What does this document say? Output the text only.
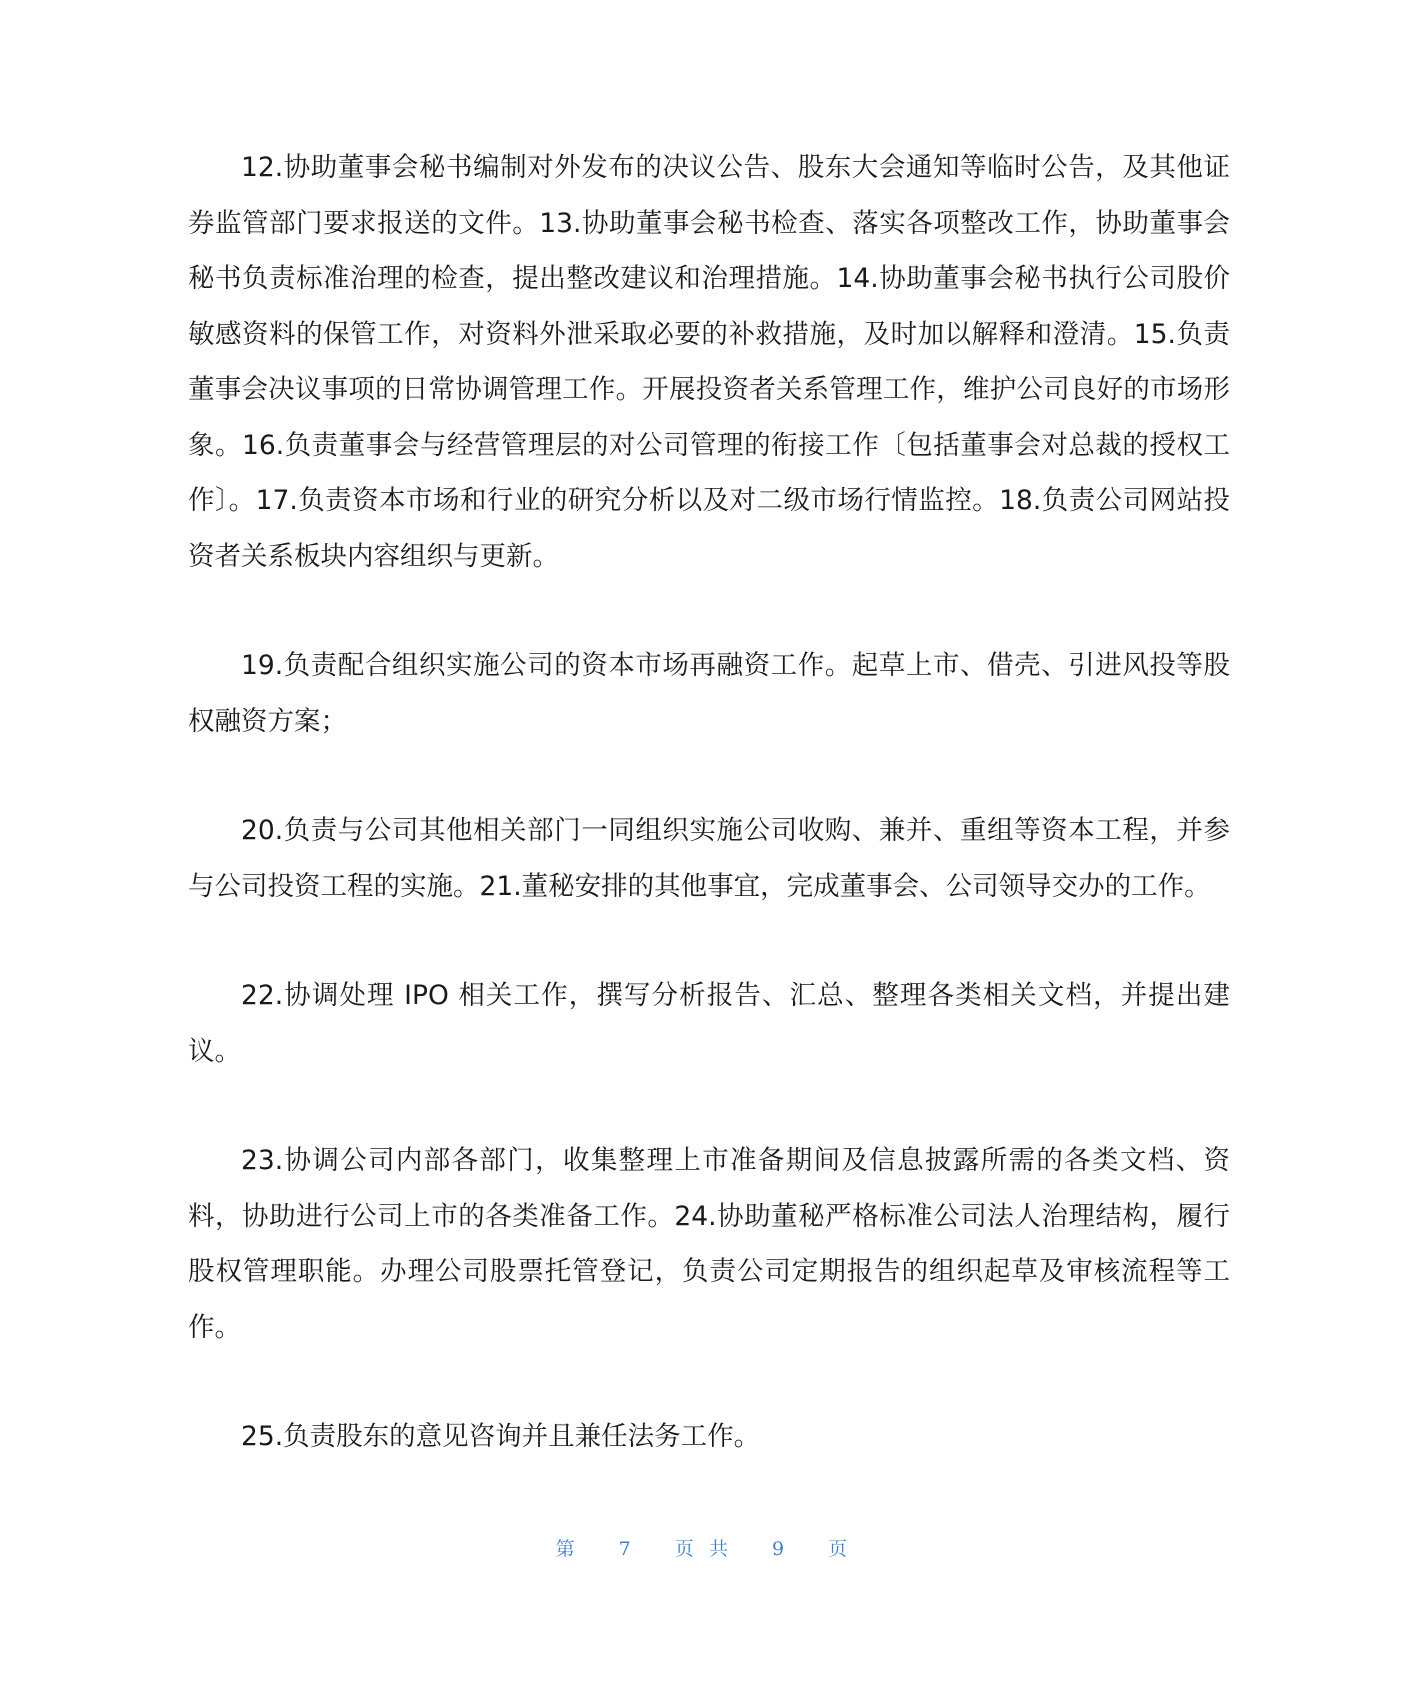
12.协助董事会秘书编制对外发布的决议公告、股东大会通知等临时公告，及其他证券监管部门要求报送的文件。13.协助董事会秘书检查、落实各项整改工作，协助董事会秘书负责标准治理的检查，提出整改建议和治理措施。14.协助董事会秘书执行公司股价敏感资料的保管工作，对资料外泄采取必要的补救措施，及时加以解释和澄清。15.负责董事会决议事项的日常协调管理工作。开展投资者关系管理工作，维护公司良好的市场形象。16.负责董事会与经营管理层的对公司管理的衔接工作〔包括董事会对总裁的授权工作〕。17.负责资本市场和行业的研究分析以及对二级市场行情监控。18.负责公司网站投资者关系板块内容组织与更新。

19.负责配合组织实施公司的资本市场再融资工作。起草上市、借壳、引进风投等股权融资方案；

20.负责与公司其他相关部门一同组织实施公司收购、兼并、重组等资本工程，并参与公司投资工程的实施。21.董秘安排的其他事宜，完成董事会、公司领导交办的工作。

22.协调处理 IPO 相关工作，撰写分析报告、汇总、整理各类相关文档，并提出建议。

23.协调公司内部各部门，收集整理上市准备期间及信息披露所需的各类文档、资料，协助进行公司上市的各类准备工作。24.协助董秘严格标准公司法人治理结构，履行股权管理职能。办理公司股票托管登记，负责公司定期报告的组织起草及审核流程等工作。

25.负责股东的意见咨询并且兼任法务工作。

第 7 页共 9 页
